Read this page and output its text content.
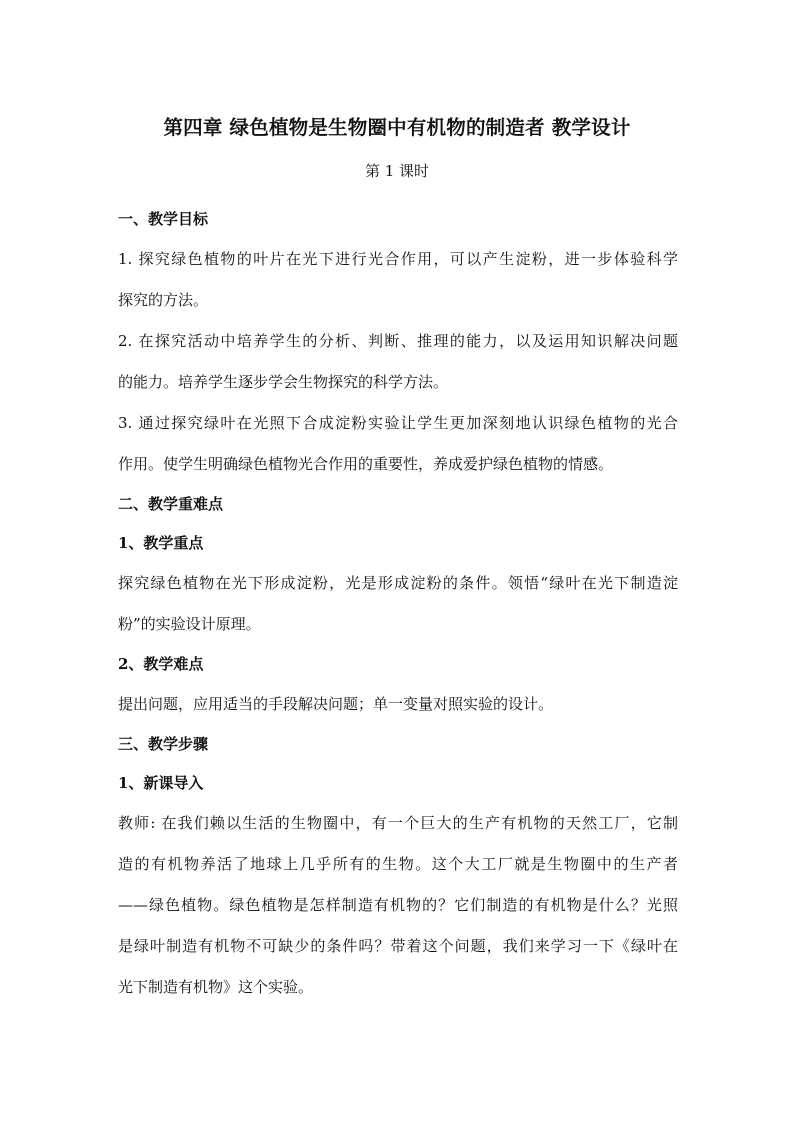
第四章 绿色植物是生物圈中有机物的制造者 教学设计
第 1 课时
一、教学目标
1. 探究绿色植物的叶片在光下进行光合作用，可以产生淀粉，进一步体验科学
探究的方法。
2. 在探究活动中培养学生的分析、判断、推理的能力，以及运用知识解决问题
的能力。培养学生逐步学会生物探究的科学方法。
3. 通过探究绿叶在光照下合成淀粉实验让学生更加深刻地认识绿色植物的光合
作用。使学生明确绿色植物光合作用的重要性，养成爱护绿色植物的情感。
二、教学重难点
1、教学重点
探究绿色植物在光下形成淀粉，光是形成淀粉的条件。领悟“绿叶在光下制造淀
粉”的实验设计原理。
2、教学难点
提出问题，应用适当的手段解决问题；单一变量对照实验的设计。
三、教学步骤
1、新课导入
教师: 在我们赖以生活的生物圈中，有一个巨大的生产有机物的天然工厂，它制
造的有机物养活了地球上几乎所有的生物。这个大工厂就是生物圈中的生产者
——绿色植物。绿色植物是怎样制造有机物的？它们制造的有机物是什么？光照
是绿叶制造有机物不可缺少的条件吗？带着这个问题，我们来学习一下《绿叶在
光下制造有机物》这个实验。
